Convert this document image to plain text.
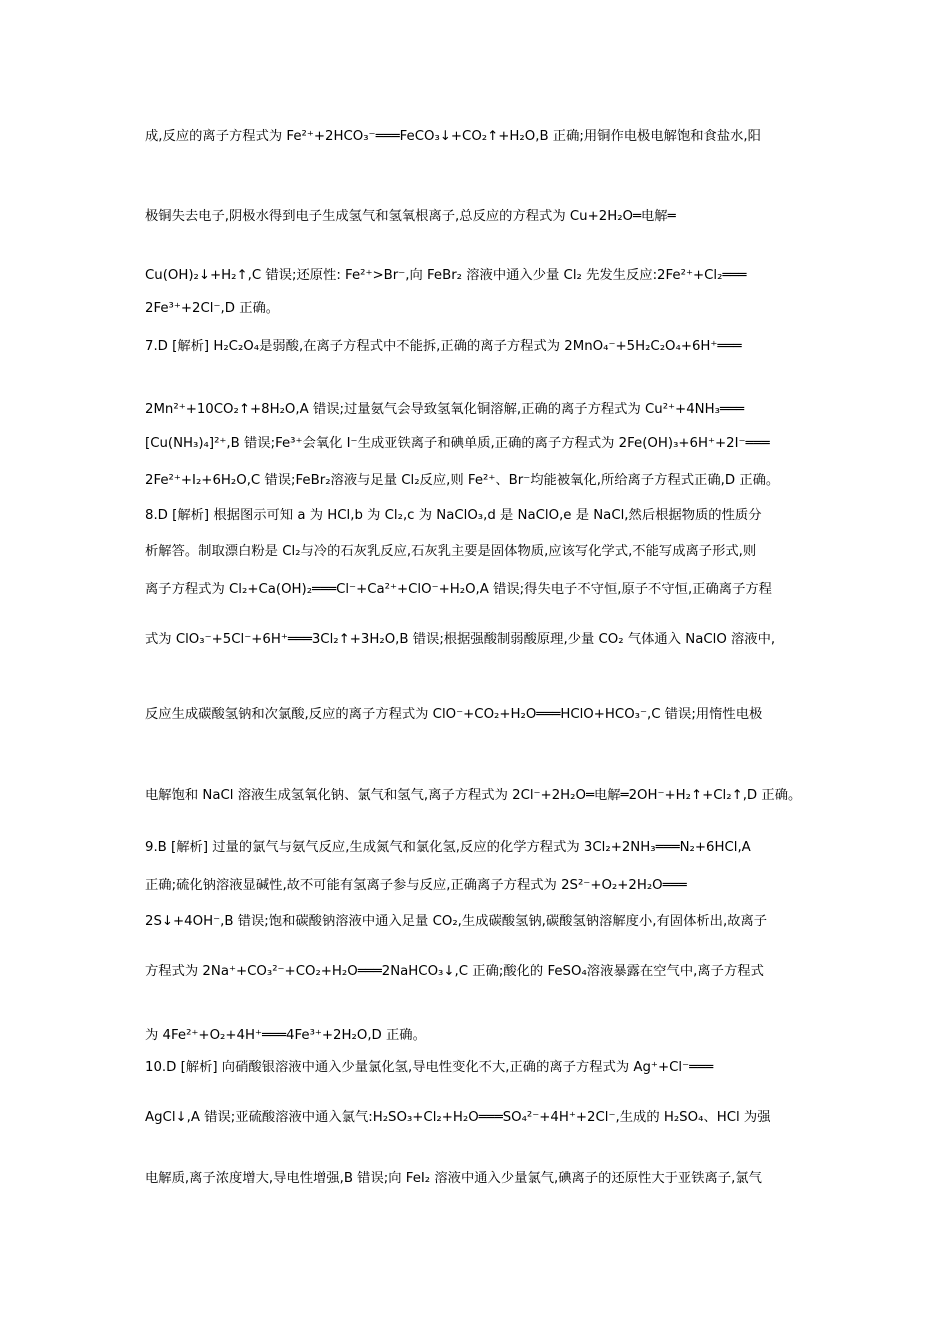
成,反应的离子方程式为 Fe²⁺+2HCO₃⁻═══FeCO₃↓+CO₂↑+H₂O,B 正确;用铜作电极电解饱和食盐水,阳
极铜失去电子,阴极水得到电子生成氢气和氢氧根离子,总反应的方程式为 Cu+2H₂O═电解═
Cu(OH)₂↓+H₂↑,C 错误;还原性: Fe²⁺>Br⁻,向 FeBr₂ 溶液中通入少量 Cl₂ 先发生反应:2Fe²⁺+Cl₂═══
2Fe³⁺+2Cl⁻,D 正确。
7.D [解析] H₂C₂O₄是弱酸,在离子方程式中不能拆,正确的离子方程式为 2MnO₄⁻+5H₂C₂O₄+6H⁺═══
2Mn²⁺+10CO₂↑+8H₂O,A 错误;过量氨气会导致氢氧化铜溶解,正确的离子方程式为 Cu²⁺+4NH₃═══
[Cu(NH₃)₄]²⁺,B 错误;Fe³⁺会氧化 I⁻生成亚铁离子和碘单质,正确的离子方程式为 2Fe(OH)₃+6H⁺+2I⁻═══
2Fe²⁺+I₂+6H₂O,C 错误;FeBr₂溶液与足量 Cl₂反应,则 Fe²⁺、Br⁻均能被氧化,所给离子方程式正确,D 正确。
8.D [解析] 根据图示可知 a 为 HCl,b 为 Cl₂,c 为 NaClO₃,d 是 NaClO,e 是 NaCl,然后根据物质的性质分
析解答。制取漂白粉是 Cl₂与冷的石灰乳反应,石灰乳主要是固体物质,应该写化学式,不能写成离子形式,则
离子方程式为 Cl₂+Ca(OH)₂═══Cl⁻+Ca²⁺+ClO⁻+H₂O,A 错误;得失电子不守恒,原子不守恒,正确离子方程
式为 ClO₃⁻+5Cl⁻+6H⁺═══3Cl₂↑+3H₂O,B 错误;根据强酸制弱酸原理,少量 CO₂ 气体通入 NaClO 溶液中,
反应生成碳酸氢钠和次氯酸,反应的离子方程式为 ClO⁻+CO₂+H₂O═══HClO+HCO₃⁻,C 错误;用惰性电极
电解饱和 NaCl 溶液生成氢氧化钠、氯气和氢气,离子方程式为 2Cl⁻+2H₂O═电解═2OH⁻+H₂↑+Cl₂↑,D 正确。
9.B [解析] 过量的氯气与氨气反应,生成氮气和氯化氢,反应的化学方程式为 3Cl₂+2NH₃═══N₂+6HCl,A
正确;硫化钠溶液显碱性,故不可能有氢离子参与反应,正确离子方程式为 2S²⁻+O₂+2H₂O═══
2S↓+4OH⁻,B 错误;饱和碳酸钠溶液中通入足量 CO₂,生成碳酸氢钠,碳酸氢钠溶解度小,有固体析出,故离子
方程式为 2Na⁺+CO₃²⁻+CO₂+H₂O═══2NaHCO₃↓,C 正确;酸化的 FeSO₄溶液暴露在空气中,离子方程式
为 4Fe²⁺+O₂+4H⁺═══4Fe³⁺+2H₂O,D 正确。
10.D [解析] 向硝酸银溶液中通入少量氯化氢,导电性变化不大,正确的离子方程式为 Ag⁺+Cl⁻═══
AgCl↓,A 错误;亚硫酸溶液中通入氯气:H₂SO₃+Cl₂+H₂O═══SO₄²⁻+4H⁺+2Cl⁻,生成的 H₂SO₄、HCl 为强
电解质,离子浓度增大,导电性增强,B 错误;向 FeI₂ 溶液中通入少量氯气,碘离子的还原性大于亚铁离子,氯气
